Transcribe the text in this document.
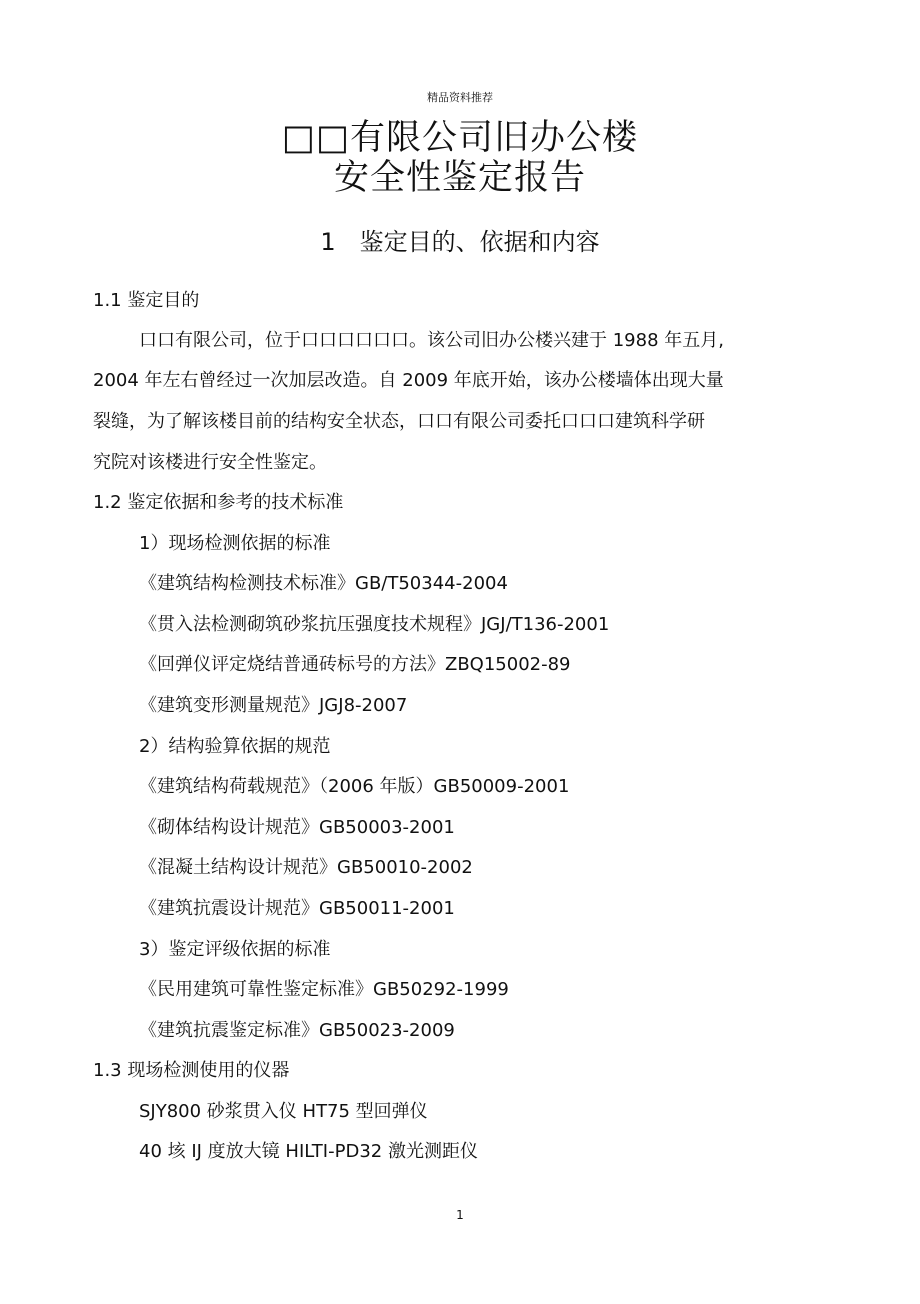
精品资料推荐
□□有限公司旧办公楼
安全性鉴定报告
1　鉴定目的、依据和内容
1.1 鉴定目的
口口有限公司，位于口口口口口口。该公司旧办公楼兴建于 1988 年五月,
2004 年左右曾经过一次加层改造。自 2009 年底开始，该办公楼墙体出现大量
裂缝，为了解该楼目前的结构安全状态，口口有限公司委托口口口建筑科学研
究院对该楼进行安全性鉴定。
1.2 鉴定依据和参考的技术标准
1）现场检测依据的标准
《建筑结构检测技术标准》GB/T50344-2004
《贯入法检测砌筑砂浆抗压强度技术规程》JGJ/T136-2001
《回弹仪评定烧结普通砖标号的方法》ZBQ15002-89
《建筑变形测量规范》JGJ8-2007
2）结构验算依据的规范
《建筑结构荷载规范》（2006 年版）GB50009-2001
《砌体结构设计规范》GB50003-2001
《混凝土结构设计规范》GB50010-2002
《建筑抗震设计规范》GB50011-2001
3）鉴定评级依据的标准
《民用建筑可靠性鉴定标准》GB50292-1999
《建筑抗震鉴定标准》GB50023-2009
1.3 现场检测使用的仪器
SJY800 砂浆贯入仪 HT75 型回弹仪
40 垓 IJ 度放大镜 HILTI-PD32 激光测距仪
1
